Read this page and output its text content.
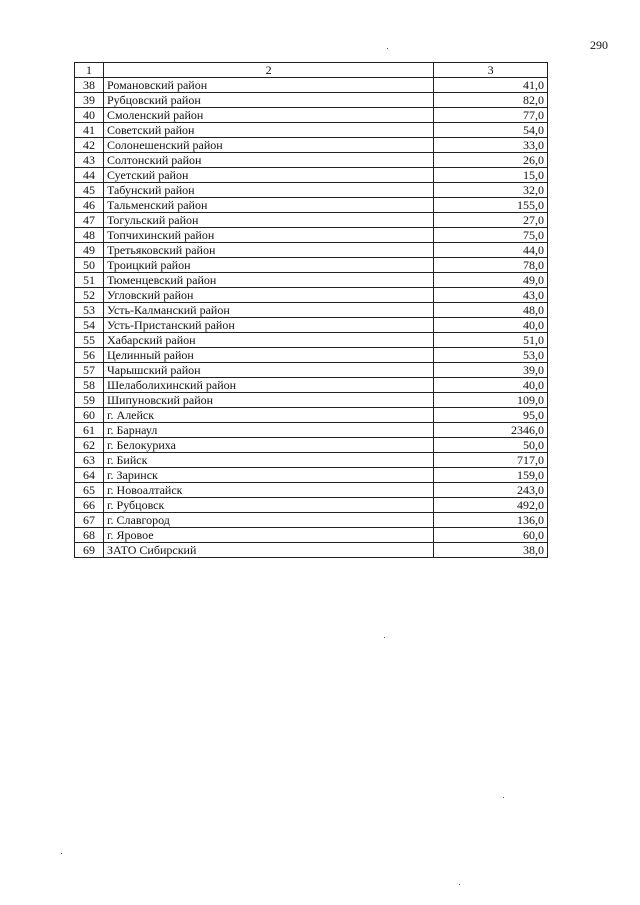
290
1	2	3
38	Романовский район	41,0
39	Рубцовский район	82,0
40	Смоленский район	77,0
41	Советский район	54,0
42	Солонешенский район	33,0
43	Солтонский район	26,0
44	Суетский район	15,0
45	Табунский район	32,0
46	Тальменский район	155,0
47	Тогульский район	27,0
48	Топчихинский район	75,0
49	Третьяковский район	44,0
50	Троицкий район	78,0
51	Тюменцевский район	49,0
52	Угловский район	43,0
53	Усть-Калманский район	48,0
54	Усть-Пристанский район	40,0
55	Хабарский район	51,0
56	Целинный район	53,0
57	Чарышский район	39,0
58	Шелаболихинский район	40,0
59	Шипуновский район	109,0
60	г. Алейск	95,0
61	г. Барнаул	2346,0
62	г. Белокуриха	50,0
63	г. Бийск	717,0
64	г. Заринск	159,0
65	г. Новоалтайск	243,0
66	г. Рубцовск	492,0
67	г. Славгород	136,0
68	г. Яровое	60,0
69	ЗАТО Сибирский	38,0
